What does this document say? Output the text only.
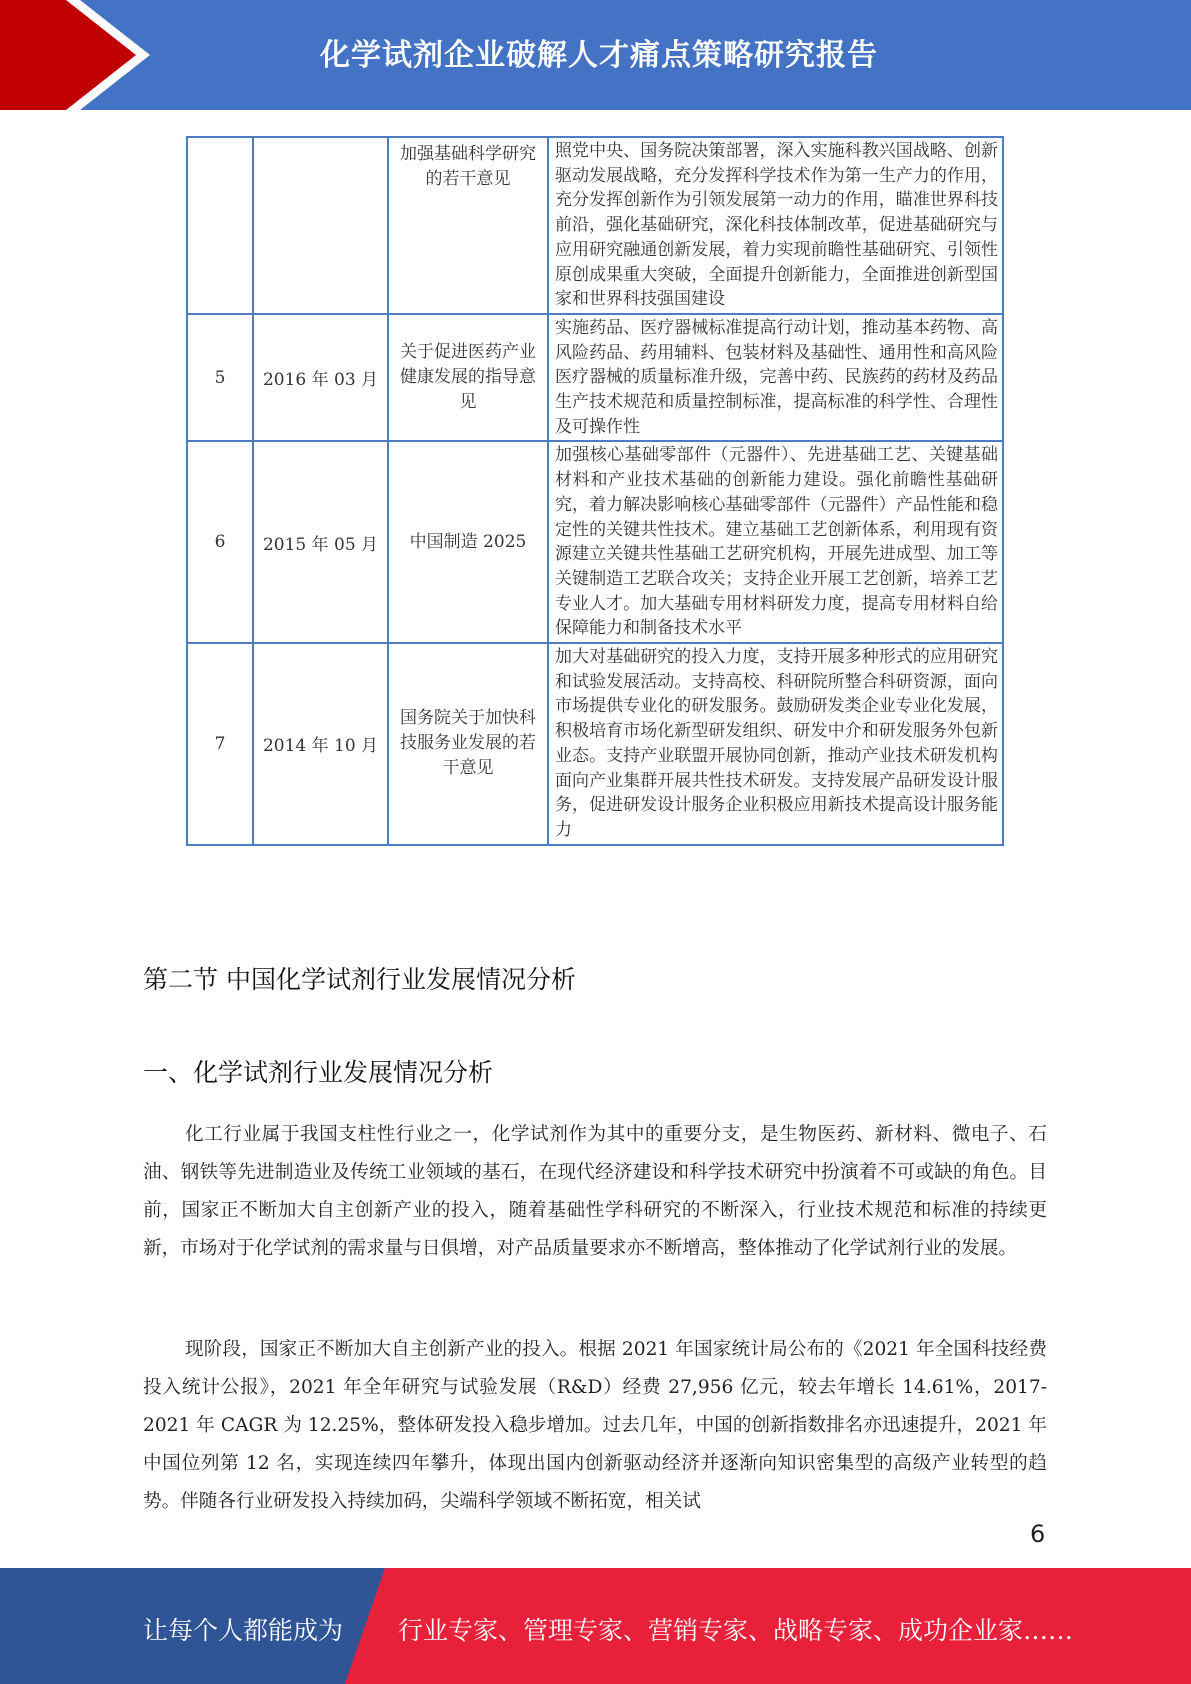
化学试剂企业破解人才痛点策略研究报告
		加强基础科学研究的若干意见	照党中央、国务院决策部署，深入实施科教兴国战略、创新驱动发展战略，充分发挥科学技术作为第一生产力的作用，充分发挥创新作为引领发展第一动力的作用，瞄准世界科技前沿，强化基础研究，深化科技体制改革，促进基础研究与应用研究融通创新发展，着力实现前瞻性基础研究、引领性原创成果重大突破，全面提升创新能力，全面推进创新型国家和世界科技强国建设
5	2016 年 03 月	关于促进医药产业健康发展的指导意见	实施药品、医疗器械标准提高行动计划，推动基本药物、高风险药品、药用辅料、包装材料及基础性、通用性和高风险医疗器械的质量标准升级，完善中药、民族药的药材及药品生产技术规范和质量控制标准，提高标准的科学性、合理性及可操作性
6	2015 年 05 月	中国制造 2025	加强核心基础零部件（元器件）、先进基础工艺、关键基础材料和产业技术基础的创新能力建设。强化前瞻性基础研究，着力解决影响核心基础零部件（元器件）产品性能和稳定性的关键共性技术。建立基础工艺创新体系，利用现有资源建立关键共性基础工艺研究机构，开展先进成型、加工等关键制造工艺联合攻关；支持企业开展工艺创新，培养工艺专业人才。加大基础专用材料研发力度，提高专用材料自给保障能力和制备技术水平
7	2014 年 10 月	国务院关于加快科技服务业发展的若干意见	加大对基础研究的投入力度，支持开展多种形式的应用研究和试验发展活动。支持高校、科研院所整合科研资源，面向市场提供专业化的研发服务。鼓励研发类企业专业化发展，积极培育市场化新型研发组织、研发中介和研发服务外包新业态。支持产业联盟开展协同创新，推动产业技术研发机构面向产业集群开展共性技术研发。支持发展产品研发设计服务，促进研发设计服务企业积极应用新技术提高设计服务能力
第二节 中国化学试剂行业发展情况分析
一、化学试剂行业发展情况分析

化工行业属于我国支柱性行业之一，化学试剂作为其中的重要分支，是生物医药、新材料、微电子、石油、钢铁等先进制造业及传统工业领域的基石，在现代经济建设和科学技术研究中扮演着不可或缺的角色。目前，国家正不断加大自主创新产业的投入，随着基础性学科研究的不断深入，行业技术规范和标准的持续更新，市场对于化学试剂的需求量与日俱增，对产品质量要求亦不断增高，整体推动了化学试剂行业的发展。

现阶段，国家正不断加大自主创新产业的投入。根据 2021 年国家统计局公布的《2021 年全国科技经费投入统计公报》，2021 年全年研究与试验发展（R&D）经费 27,956 亿元，较去年增长 14.61%，2017-2021 年 CAGR 为 12.25%，整体研发投入稳步增加。过去几年，中国的创新指数排名亦迅速提升，2021 年中国位列第 12 名，实现连续四年攀升，体现出国内创新驱动经济并逐渐向知识密集型的高级产业转型的趋势。伴随各行业研发投入持续加码，尖端科学领域不断拓宽，相关试

6
让每个人都能成为 行业专家、管理专家、营销专家、战略专家、成功企业家……
